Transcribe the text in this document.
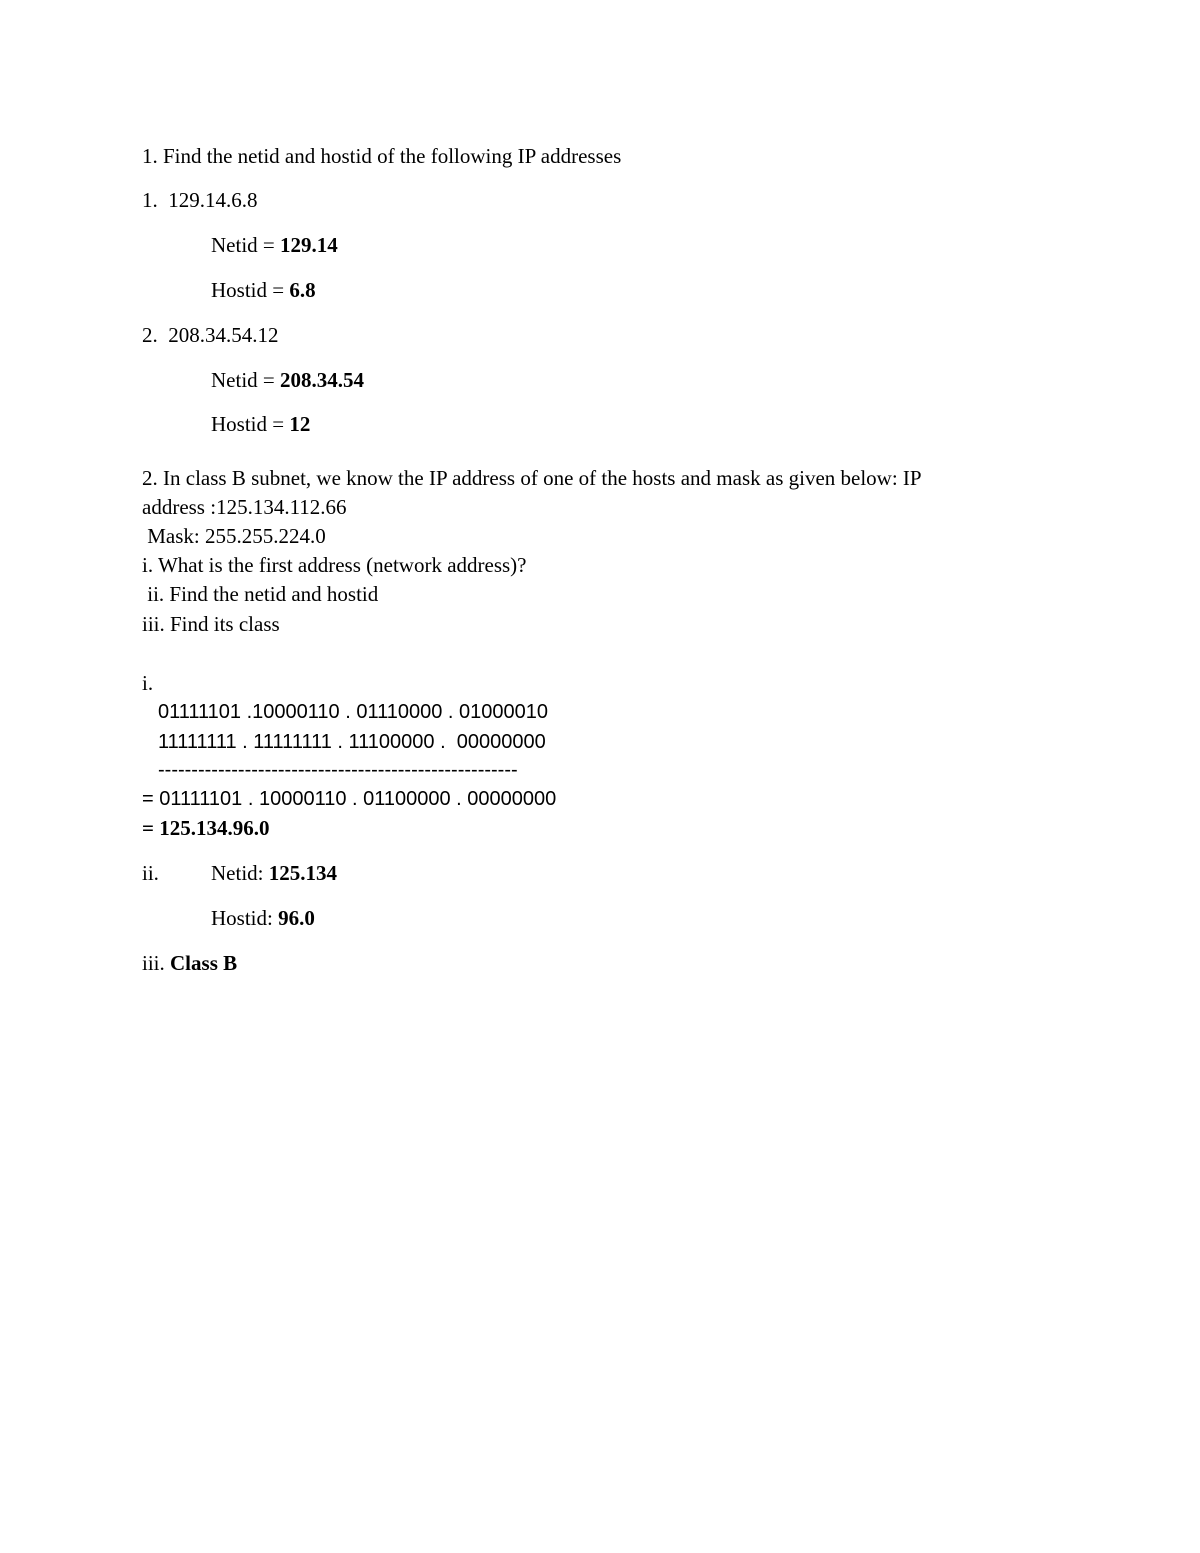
1. Find the netid and hostid of the following IP addresses
1.  129.14.6.8
Netid = 129.14
Hostid = 6.8
2.  208.34.54.12
Netid = 208.34.54
Hostid = 12
2. In class B subnet, we know the IP address of one of the hosts and mask as given below: IP
address :125.134.112.66
Mask: 255.255.224.0
i. What is the first address (network address)?
ii. Find the netid and hostid
iii. Find its class
i.
01111101 .10000110 . 01110000 . 01000010
11111111 . 11111111 . 11100000 .  00000000
------------------------------------------------------
= 01111101 . 10000110 . 01100000 . 00000000
= 125.134.96.0
ii. Netid: 125.134
Hostid: 96.0
iii. Class B
